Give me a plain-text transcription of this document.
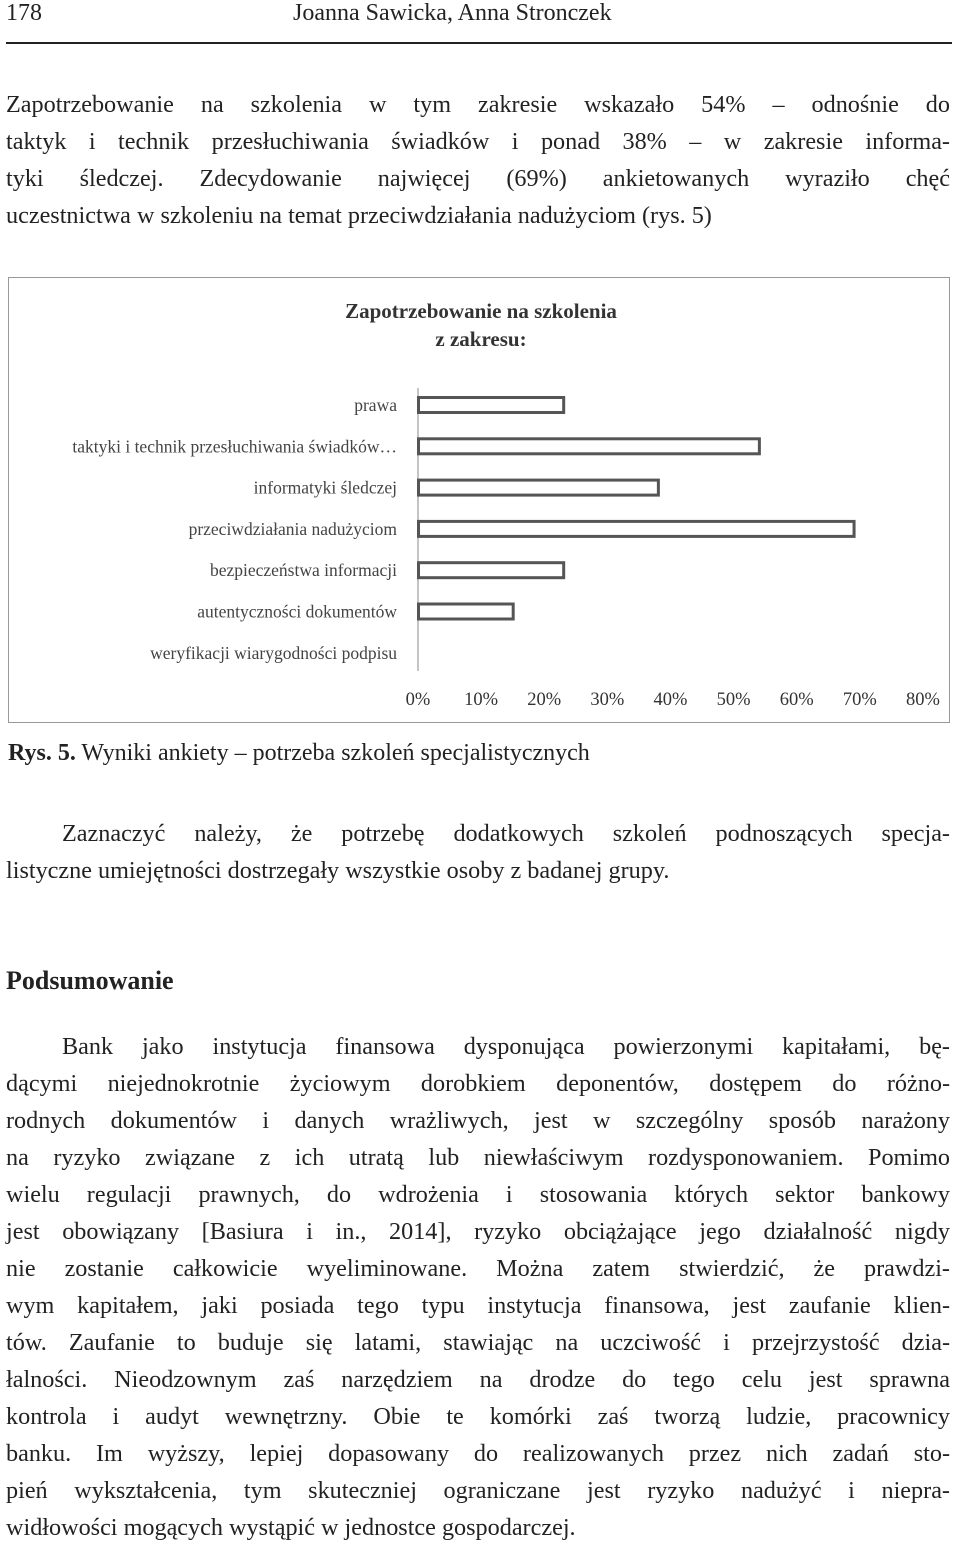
178	Joanna Sawicka, Anna Stronczek
Zapotrzebowanie na szkolenia w tym zakresie wskazało 54% – odnośnie do
taktyk i technik przesłuchiwania świadków i ponad 38% – w zakresie informa-
tyki śledczej. Zdecydowanie najwięcej (69%) ankietowanych wyraziło chęć
uczestnictwa w szkoleniu na temat przeciwdziałania nadużyciom (rys. 5)
Zapotrzebowanie na szkolenia
z zakresu:
prawa
taktyki i technik przesłuchiwania świadków…
informatyki śledczej
przeciwdziałania nadużyciom
bezpieczeństwa informacji
autentyczności dokumentów
weryfikacji wiarygodności podpisu
0% 10% 20% 30% 40% 50% 60% 70% 80%
Rys. 5. Wyniki ankiety – potrzeba szkoleń specjalistycznych
Zaznaczyć należy, że potrzebę dodatkowych szkoleń podnoszących specja-
listyczne umiejętności dostrzegały wszystkie osoby z badanej grupy.
Podsumowanie
Bank jako instytucja finansowa dysponująca powierzonymi kapitałami, bę-
dącymi niejednokrotnie życiowym dorobkiem deponentów, dostępem do różno-
rodnych dokumentów i danych wrażliwych, jest w szczególny sposób narażony
na ryzyko związane z ich utratą lub niewłaściwym rozdysponowaniem. Pomimo
wielu regulacji prawnych, do wdrożenia i stosowania których sektor bankowy
jest obowiązany [Basiura i in., 2014], ryzyko obciążające jego działalność nigdy
nie zostanie całkowicie wyeliminowane. Można zatem stwierdzić, że prawdzi-
wym kapitałem, jaki posiada tego typu instytucja finansowa, jest zaufanie klien-
tów. Zaufanie to buduje się latami, stawiając na uczciwość i przejrzystość dzia-
łalności. Nieodzownym zaś narzędziem na drodze do tego celu jest sprawna
kontrola i audyt wewnętrzny. Obie te komórki zaś tworzą ludzie, pracownicy
banku. Im wyższy, lepiej dopasowany do realizowanych przez nich zadań sto-
pień wykształcenia, tym skuteczniej ograniczane jest ryzyko nadużyć i niepra-
widłowości mogących wystąpić w jednostce gospodarczej.
